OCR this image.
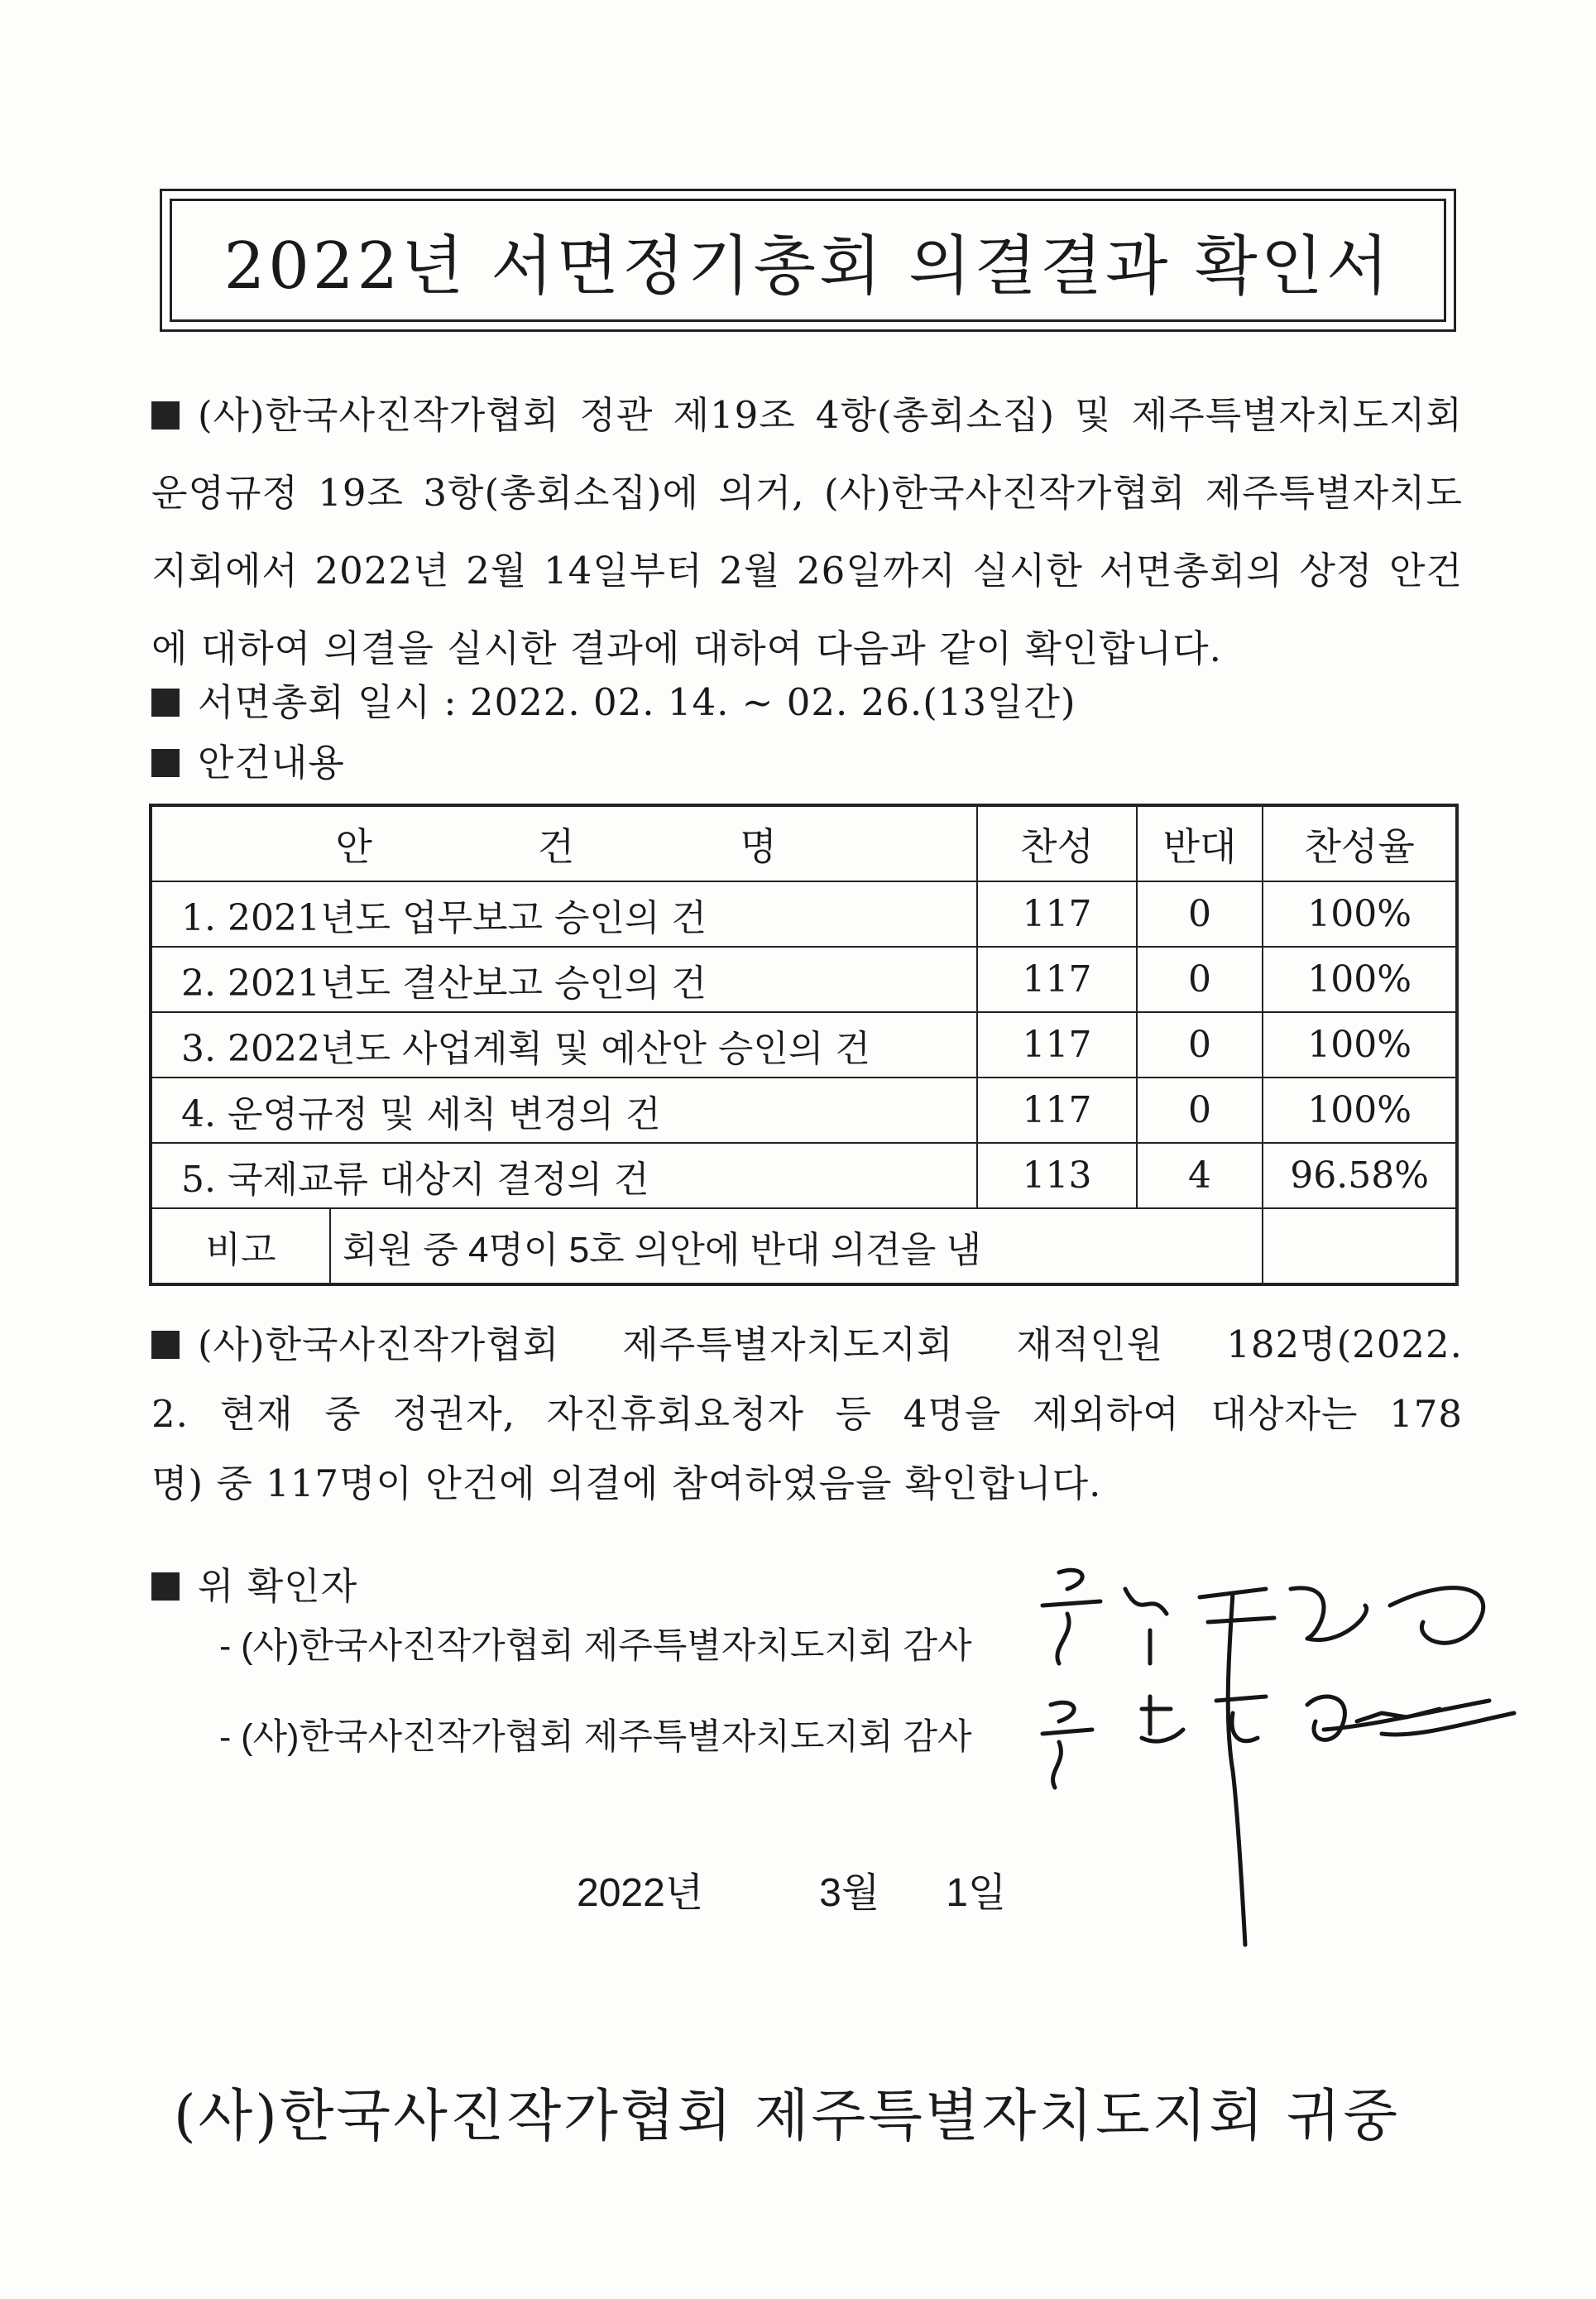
2022년 서면정기총회 의결결과 확인서
(사)한국사진작가협회 정관 제19조 4항(총회소집) 및 제주특별자치도지회
운영규정 19조 3항(총회소집)에 의거, (사)한국사진작가협회 제주특별자치도
지회에서 2022년 2월 14일부터 2월 26일까지 실시한 서면총회의 상정 안건
에 대하여 의결을 실시한 결과에 대하여 다음과 같이 확인합니다.
서면총회 일시 : 2022. 02. 14. ~ 02. 26.(13일간)
안건내용
안건명	찬성	반대	찬성율
1. 2021년도 업무보고 승인의 건	117	0	100%
2. 2021년도 결산보고 승인의 건	117	0	100%
3. 2022년도 사업계획 및 예산안 승인의 건	117	0	100%
4. 운영규정 및 세칙 변경의 건	117	0	100%
5. 국제교류 대상지 결정의 건	113	4	96.58%

비고 회원 중 4명이 5호 의안에 반대 의견을 냄			

(사)한국사진작가협회 제주특별자치도지회 재적인원 182명(2022.
2. 현재 중 정권자, 자진휴회요청자 등 4명을 제외하여 대상자는 178
명) 중 117명이 안건에 의결에 참여하였음을 확인합니다.
위 확인자
- (사)한국사진작가협회 제주특별자치도지회 감사
- (사)한국사진작가협회 제주특별자치도지회 감사
2022년	3월 1일
(사)한국사진작가협회 제주특별자치도지회 귀중
